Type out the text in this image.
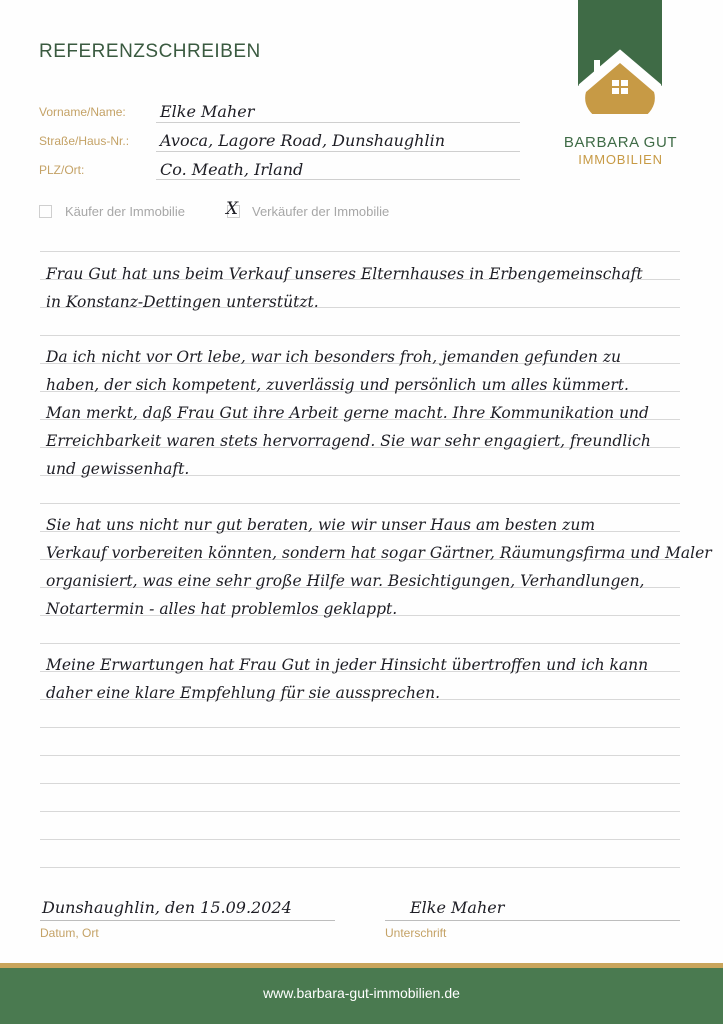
REFERENZSCHREIBEN
BARBARA GUT
IMMOBILIEN
Vorname/Name: Elke Maher
Straße/Haus-Nr.: Avoca, Lagore Road, Dunshaughlin
PLZ/Ort:	Co. Meath, Irland
Käufer der Immobilie X Verkäufer der Immobilie
Frau Gut hat uns beim Verkauf unseres Elternhauses in Erbengemeinschaft
in Konstanz-Dettingen unterstützt.
Da ich nicht vor Ort lebe, war ich besonders froh, jemanden gefunden zu
haben, der sich kompetent, zuverlässig und persönlich um alles kümmert.
Man merkt, daß Frau Gut ihre Arbeit gerne macht. Ihre Kommunikation und
Erreichbarkeit waren stets hervorragend. Sie war sehr engagiert, freundlich
und gewissenhaft.
Sie hat uns nicht nur gut beraten, wie wir unser Haus am besten zum
Verkauf vorbereiten könnten, sondern hat sogar Gärtner, Räumungsfirma und Maler
organisiert, was eine sehr große Hilfe war. Besichtigungen, Verhandlungen,
Notartermin - alles hat problemlos geklappt.
Meine Erwartungen hat Frau Gut in jeder Hinsicht übertroffen und ich kann
daher eine klare Empfehlung für sie aussprechen.
Dunshaughlin, den 15.09.2024
Datum, Ort
Elke Maher
Unterschrift
www.barbara-gut-immobilien.de
